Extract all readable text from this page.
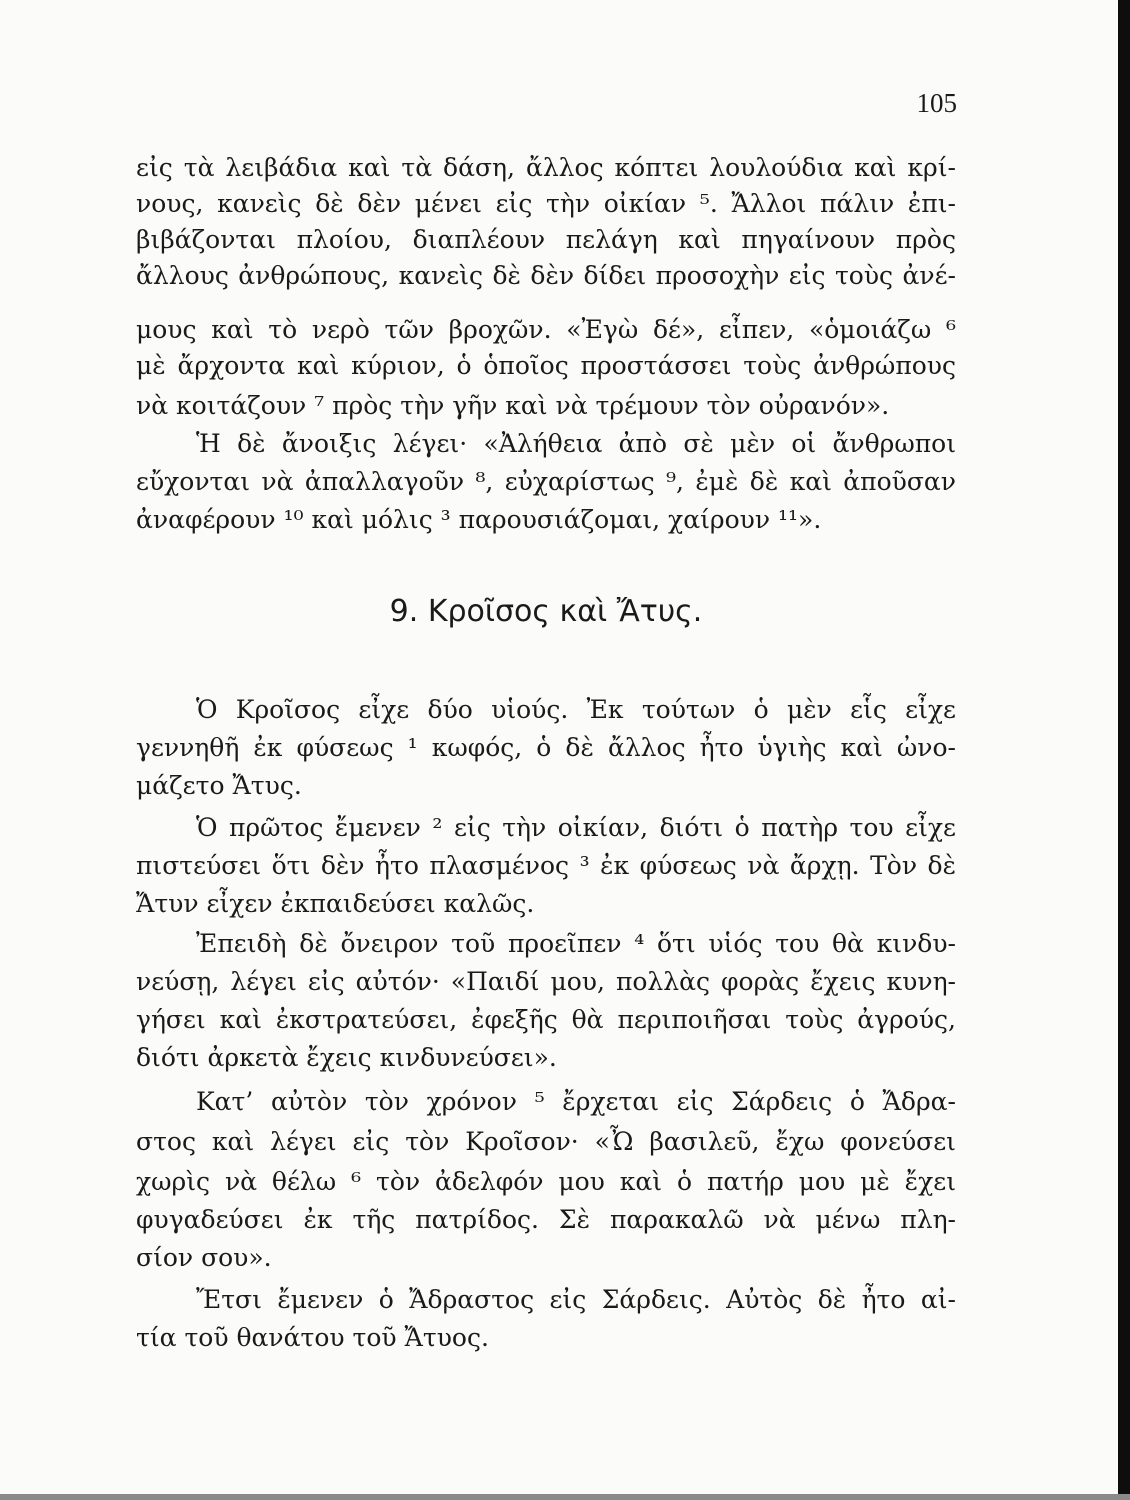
105
εἰς τὰ λειβάδια καὶ τὰ δάση, ἄλλος κόπτει λουλούδια καὶ κρί-
νους, κανεὶς δὲ δὲν μένει εἰς τὴν οἰκίαν ⁵. Ἄλλοι πάλιν ἐπι-
βιβάζονται πλοίου, διαπλέουν πελάγη καὶ πηγαίνουν πρὸς
ἄλλους ἀνθρώπους, κανεὶς δὲ δὲν δίδει προσοχὴν εἰς τοὺς ἀνέ-
μους καὶ τὸ νερὸ τῶν βροχῶν. «Ἐγὼ δέ», εἶπεν, «ὁμοιάζω ⁶
μὲ ἄρχοντα καὶ κύριον, ὁ ὁποῖος προστάσσει τοὺς ἀνθρώπους
νὰ κοιτάζουν ⁷ πρὸς τὴν γῆν καὶ νὰ τρέμουν τὸν οὐρανόν».
Ἡ δὲ ἄνοιξις λέγει· «Ἀλήθεια ἀπὸ σὲ μὲν οἱ ἄνθρωποι
εὔχονται νὰ ἀπαλλαγοῦν ⁸, εὐχαρίστως ⁹, ἐμὲ δὲ καὶ ἀποῦσαν
ἀναφέρουν ¹⁰ καὶ μόλις ³ παρουσιάζομαι, χαίρουν ¹¹».
9. Κροῖσος καὶ Ἄτυς.
Ὁ Κροῖσος εἶχε δύο υἱούς. Ἐκ τούτων ὁ μὲν εἷς εἶχε
γεννηθῆ ἐκ φύσεως ¹ κωφός, ὁ δὲ ἄλλος ἦτο ὑγιὴς καὶ ὠνο-
μάζετο Ἄτυς.
Ὁ πρῶτος ἔμενεν ² εἰς τὴν οἰκίαν, διότι ὁ πατὴρ του εἶχε
πιστεύσει ὅτι δὲν ἦτο πλασμένος ³ ἐκ φύσεως νὰ ἄρχῃ. Τὸν δὲ
Ἄτυν εἶχεν ἐκπαιδεύσει καλῶς.
Ἐπειδὴ δὲ ὄνειρον τοῦ προεῖπεν ⁴ ὅτι υἱός του θὰ κινδυ-
νεύσῃ, λέγει εἰς αὐτόν· «Παιδί μου, πολλὰς φορὰς ἔχεις κυνη-
γήσει καὶ ἐκστρατεύσει, ἐφεξῆς θὰ περιποιῆσαι τοὺς ἀγρούς,
διότι ἀρκετὰ ἔχεις κινδυνεύσει».
Κατ’ αὐτὸν τὸν χρόνον ⁵ ἔρχεται εἰς Σάρδεις ὁ Ἄδρα-
στος καὶ λέγει εἰς τὸν Κροῖσον· «Ὦ βασιλεῦ, ἔχω φονεύσει
χωρὶς νὰ θέλω ⁶ τὸν ἀδελφόν μου καὶ ὁ πατήρ μου μὲ ἔχει
φυγαδεύσει ἐκ τῆς πατρίδος. Σὲ παρακαλῶ νὰ μένω πλη-
σίον σου».
Ἔτσι ἔμενεν ὁ Ἄδραστος εἰς Σάρδεις. Αὐτὸς δὲ ἦτο αἰ-
τία τοῦ θανάτου τοῦ Ἄτυος.
